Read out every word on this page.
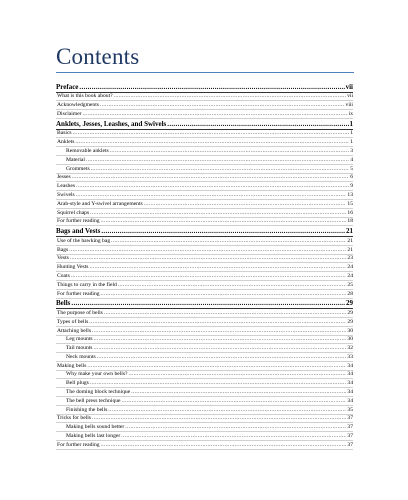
Contents
Preface .....	vii
What is this book about? .....	vii
Acknowledgments .....	viii
Disclaimer .....	ix
Anklets, Jesses, Leashes, and Swivels .....	1
Basics .....	1
Anklets .....	1
Removable anklets .....	3
Material .....	4
Grommets .....	5
Jesses .....	6
Leashes .....	9
Swivels .....	13
Arab-style and Y-swivel arrangements .....	15
Squirrel chaps .....	16
For further reading .....	18
Bags and Vests .....	21
Use of the hawking bag .....	21
Bags .....	21
Vests .....	23
Hunting Vests .....	24
Coats .....	24
Things to carry in the field .....	25
For further reading .....	28
Bells .....	29
The purpose of bells .....	29
Types of bells .....	29
Attaching bells .....	30
Leg mounts .....	30
Tail mounts .....	32
Neck mounts .....	33
Making bells .....	34
Why make your own bells? .....	34
Bell plugs .....	34
The doming block technique .....	34
The bell press technique .....	34
Finishing the bells .....	35
Tricks for bells .....	37
Making bells sound better .....	37
Making bells last longer .....	37
For further reading .....	37
